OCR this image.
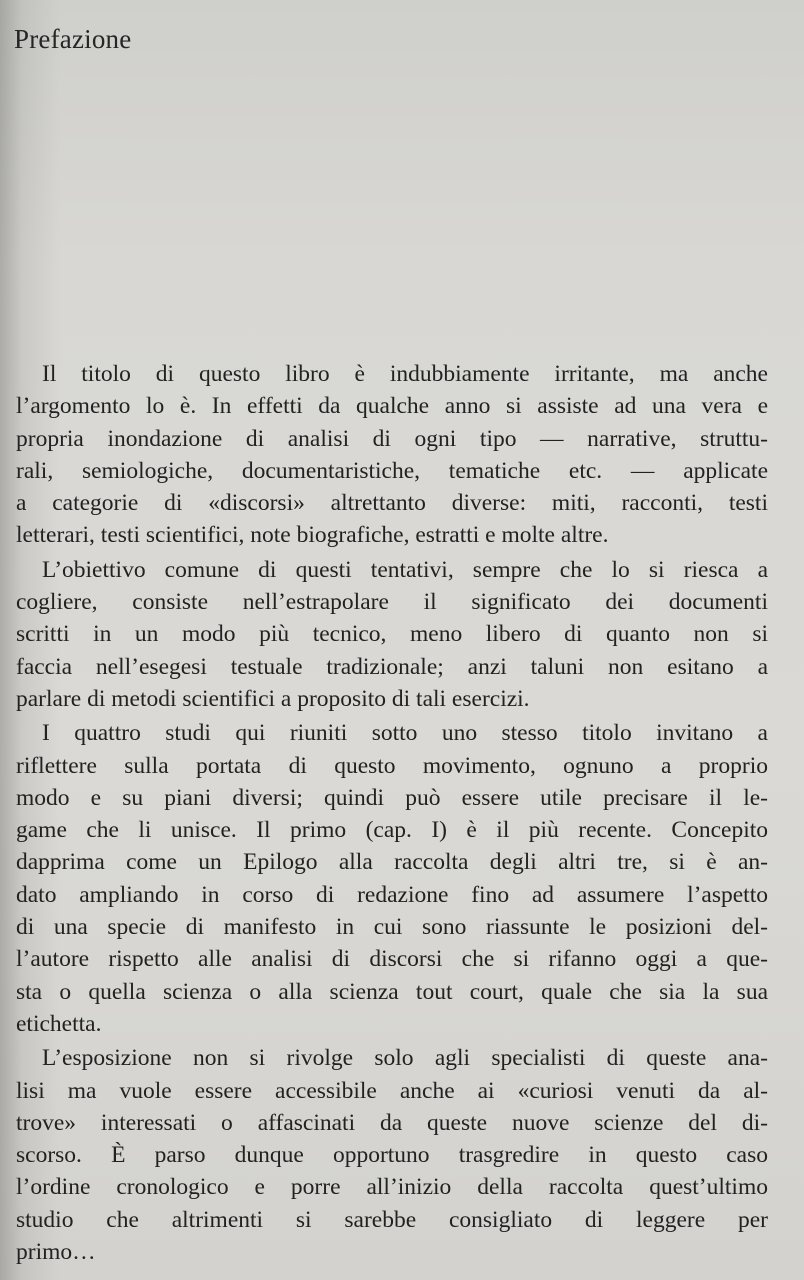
Prefazione
Il titolo di questo libro è indubbiamente irritante, ma anche
l’argomento lo è. In effetti da qualche anno si assiste ad una vera e
propria inondazione di analisi di ogni tipo — narrative, struttu-
rali, semiologiche, documentaristiche, tematiche etc. — applicate
a categorie di «discorsi» altrettanto diverse: miti, racconti, testi
letterari, testi scientifici, note biografiche, estratti e molte altre.
L’obiettivo comune di questi tentativi, sempre che lo si riesca a
cogliere, consiste nell’estrapolare il significato dei documenti
scritti in un modo più tecnico, meno libero di quanto non si
faccia nell’esegesi testuale tradizionale; anzi taluni non esitano a
parlare di metodi scientifici a proposito di tali esercizi.
I quattro studi qui riuniti sotto uno stesso titolo invitano a
riflettere sulla portata di questo movimento, ognuno a proprio
modo e su piani diversi; quindi può essere utile precisare il le-
game che li unisce. Il primo (cap. I) è il più recente. Concepito
dapprima come un Epilogo alla raccolta degli altri tre, si è an-
dato ampliando in corso di redazione fino ad assumere l’aspetto
di una specie di manifesto in cui sono riassunte le posizioni del-
l’autore rispetto alle analisi di discorsi che si rifanno oggi a que-
sta o quella scienza o alla scienza tout court, quale che sia la sua
etichetta.
L’esposizione non si rivolge solo agli specialisti di queste ana-
lisi ma vuole essere accessibile anche ai «curiosi venuti da al-
trove» interessati o affascinati da queste nuove scienze del di-
scorso. È parso dunque opportuno trasgredire in questo caso
l’ordine cronologico e porre all’inizio della raccolta quest’ultimo
studio che altrimenti si sarebbe consigliato di leggere per
primo…
